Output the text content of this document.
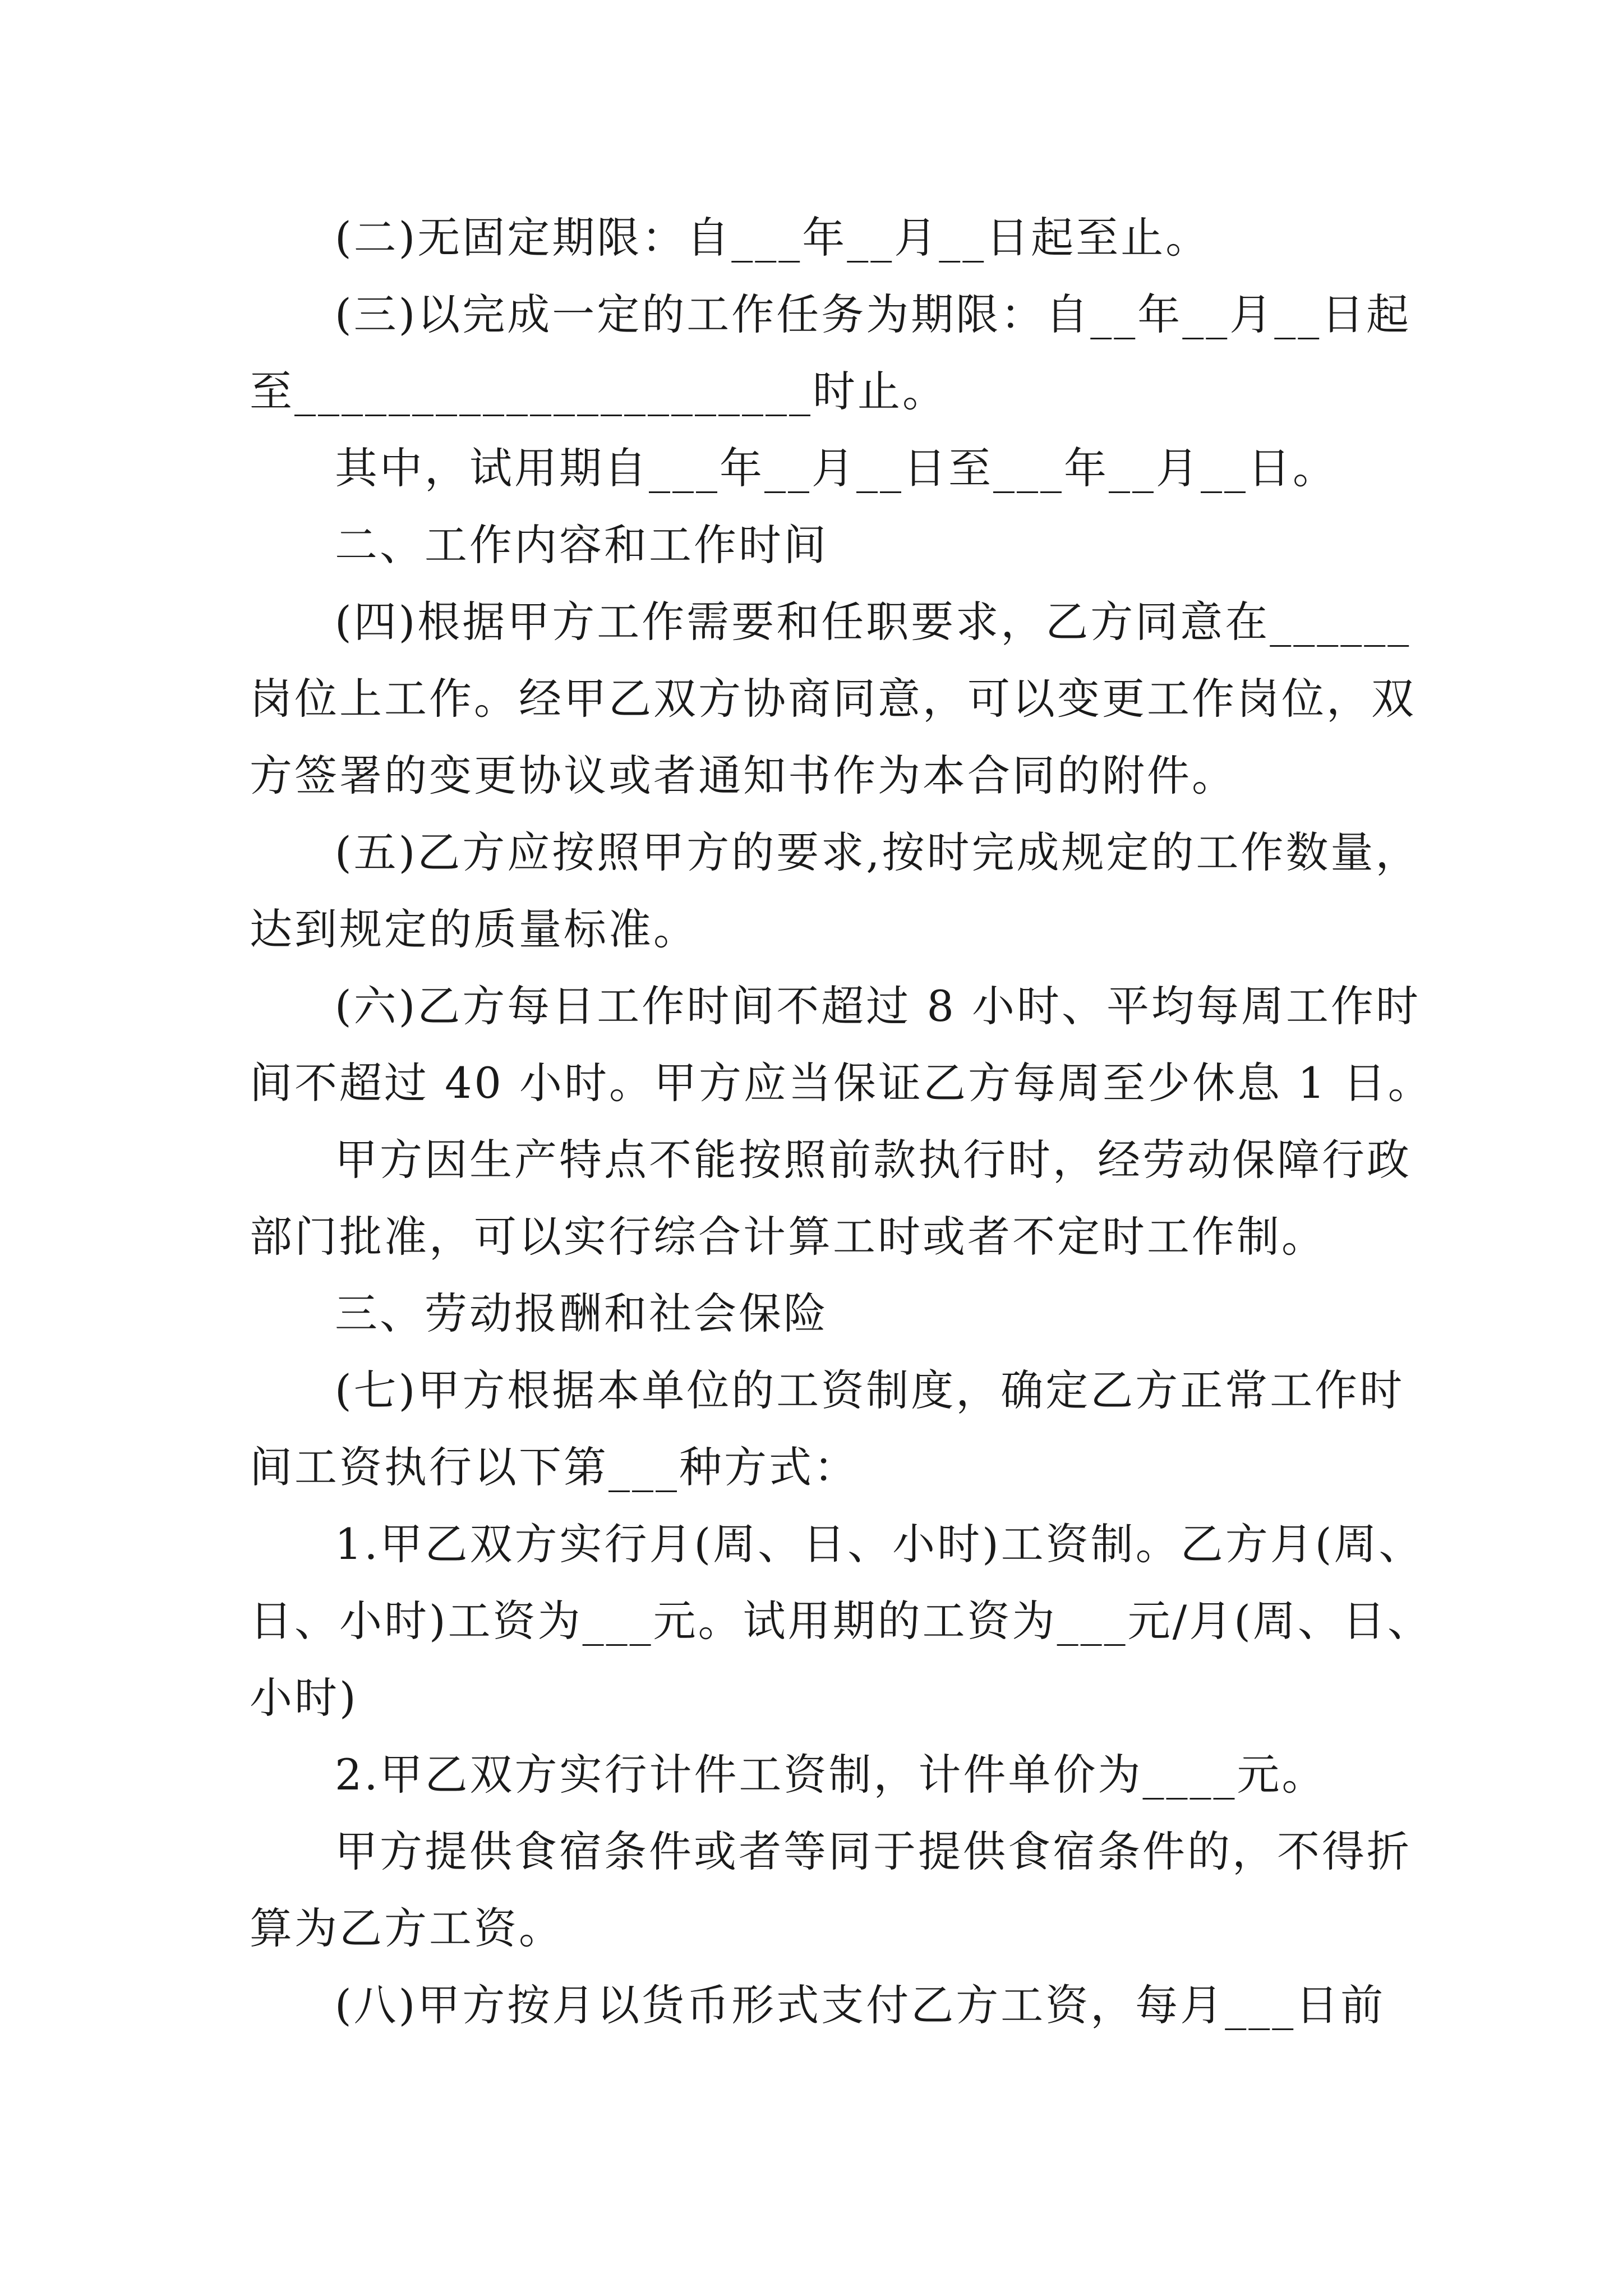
(二)无固定期限：自___年__月__日起至止。
(三)以完成一定的工作任务为期限：自__年__月__日起
至______________________时止。
其中，试用期自___年__月__日至___年__月__日。
二、工作内容和工作时间
(四)根据甲方工作需要和任职要求，乙方同意在______
岗位上工作。经甲乙双方协商同意，可以变更工作岗位，双
方签署的变更协议或者通知书作为本合同的附件。
(五)乙方应按照甲方的要求,按时完成规定的工作数量，
达到规定的质量标准。
(六)乙方每日工作时间不超过 8 小时、平均每周工作时
间不超过 40 小时。甲方应当保证乙方每周至少休息 1 日。
甲方因生产特点不能按照前款执行时，经劳动保障行政
部门批准，可以实行综合计算工时或者不定时工作制。
三、劳动报酬和社会保险
(七)甲方根据本单位的工资制度，确定乙方正常工作时
间工资执行以下第___种方式：
1.甲乙双方实行月(周、日、小时)工资制。乙方月(周、
日、小时)工资为___元。试用期的工资为___元/月(周、日、
小时)
2.甲乙双方实行计件工资制，计件单价为____元。
甲方提供食宿条件或者等同于提供食宿条件的，不得折
算为乙方工资。
(八)甲方按月以货币形式支付乙方工资，每月___日前
